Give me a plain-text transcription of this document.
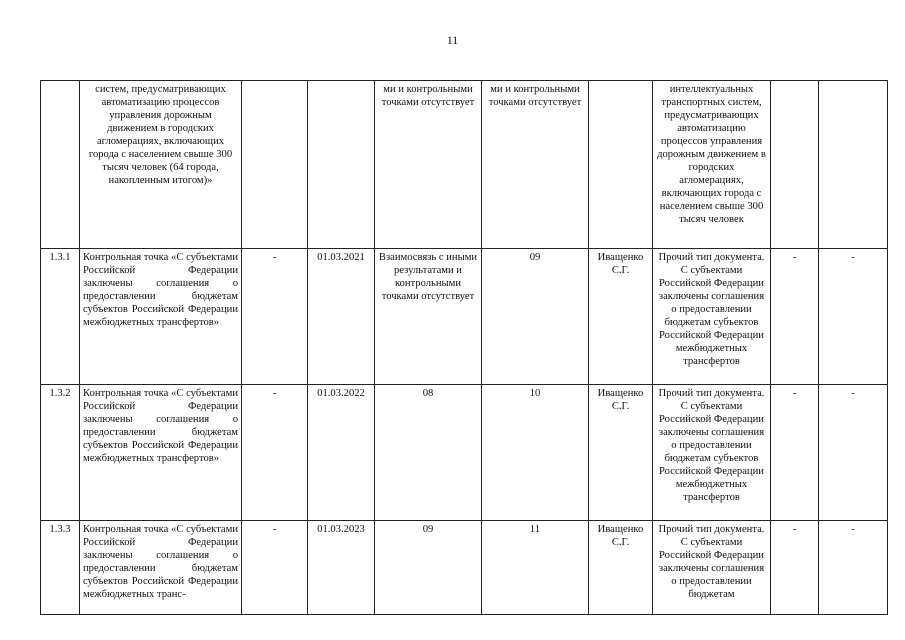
11
	систем, предусматривающих автоматизацию процессов управления дорожным движением в городских агломерациях, включающих города с населением свыше 300 тысяч человек (64 города, накопленным итогом)»			ми и контрольными точками отсутствует	ми и контрольными точками отсутствует		интеллектуальных транспортных систем, предусматривающих автоматизацию процессов управления дорожным движением в городских агломерациях, включающих города с населением свыше 300 тысяч человек		
1.3.1	Контрольная точка «С субъектами Российской Федерации заключены соглашения о предоставлении бюджетам субъектов Российской Федерации межбюджетных трансфертов»	-	01.03.2021	Взаимосвязь с иными результатами и контрольными точками отсутствует	09	Иващенко С.Г.	Прочий тип документа. С субъектами Российской Федерации заключены соглашения о предоставлении бюджетам субъектов Российской Федерации межбюджетных трансфертов	-	-
1.3.2	Контрольная точка «С субъектами Российской Федерации заключены соглашения о предоставлении бюджетам субъектов Российской Федерации межбюджетных трансфертов»	-	01.03.2022	08	10	Иващенко С.Г.	Прочий тип документа. С субъектами Российской Федерации заключены соглашения о предоставлении бюджетам субъектов Российской Федерации межбюджетных трансфертов	-	-
1.3.3	Контрольная точка «С субъектами Российской Федерации заключены соглашения о предоставлении бюджетам субъектов Российской Федерации межбюджетных транс-	-	01.03.2023	09	11	Иващенко С.Г.	Прочий тип документа. С субъектами Российской Федерации заключены соглашения о предоставлении бюджетам	-	-
